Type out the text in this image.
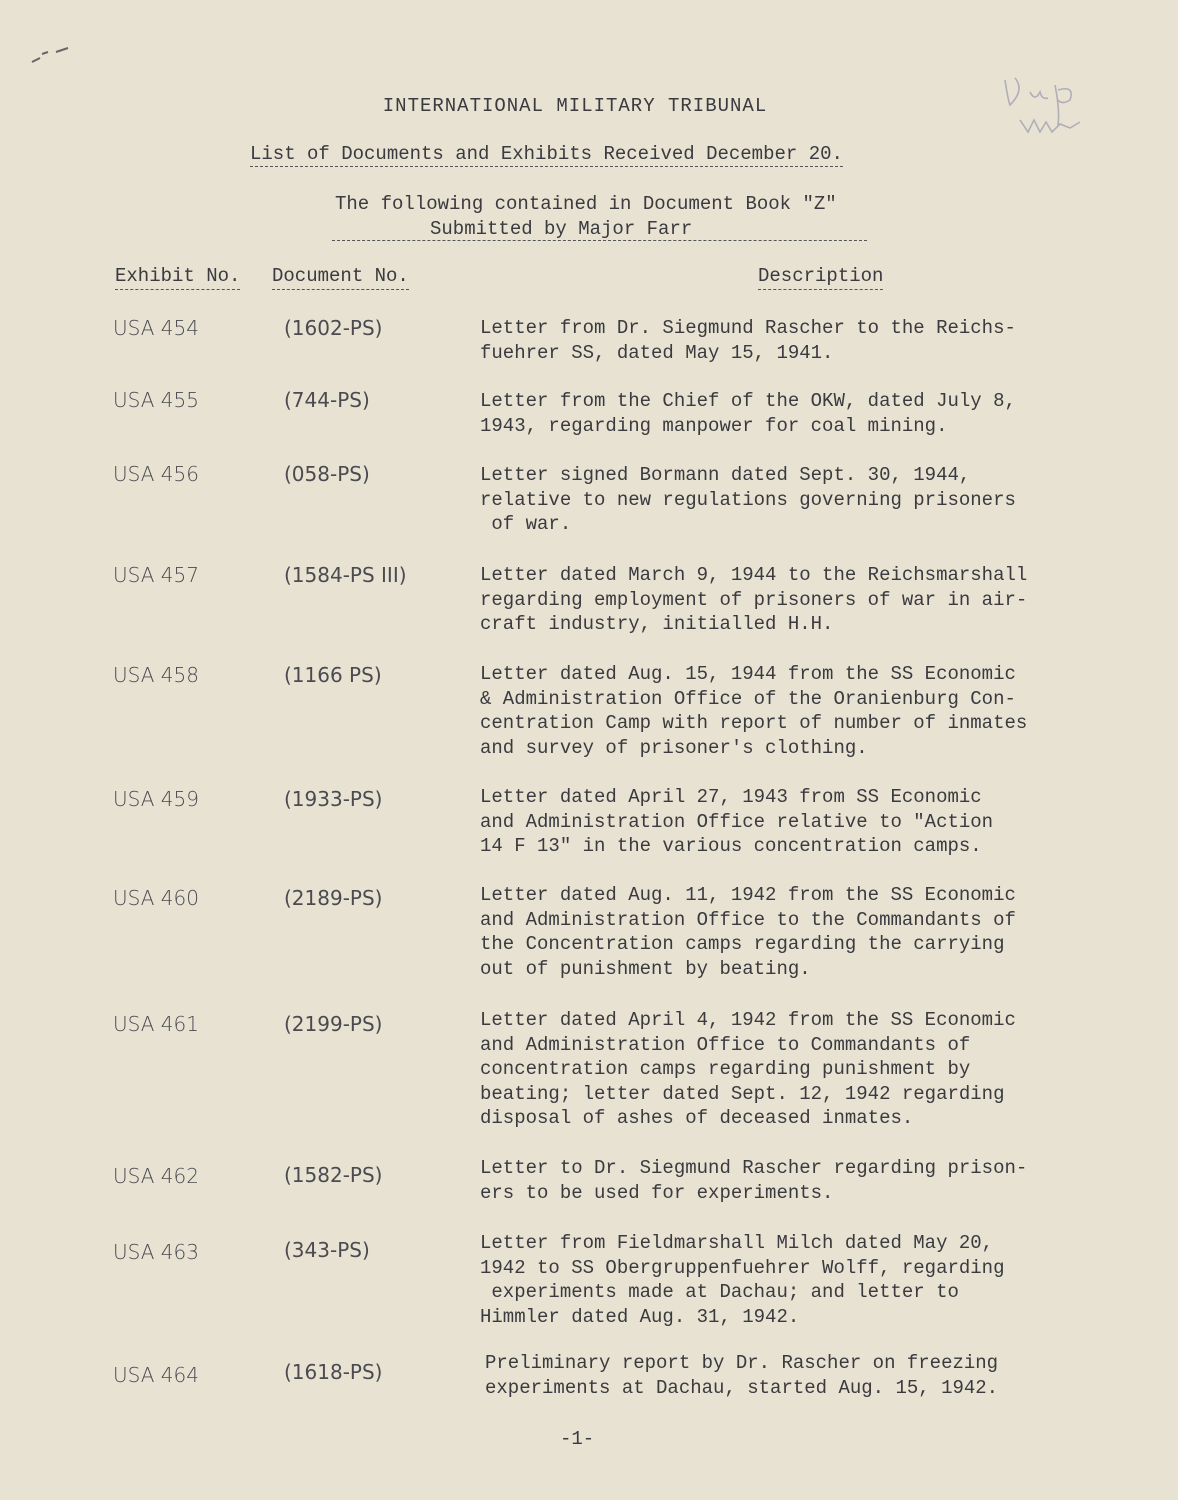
INTERNATIONAL MILITARY TRIBUNAL
List of Documents and Exhibits Received December 20.
The following contained in Document Book "Z"
Submitted by Major Farr
Exhibit No. Document No.	Description
USA 454	(1602-PS)	Letter from Dr. Siegmund Rascher to the Reichs-
fuehrer SS, dated May 15, 1941.
USA 455	(744-PS)	Letter from the Chief of the OKW, dated July 8,
1943, regarding manpower for coal mining.
USA 456	(058-PS)	Letter signed Bormann dated Sept. 30, 1944,
relative to new regulations governing prisoners
of war.
USA 457	(1584-PS III)	Letter dated March 9, 1944 to the Reichsmarshall
regarding employment of prisoners of war in air-
craft industry, initialled H.H.
USA 458	(1166 PS)	Letter dated Aug. 15, 1944 from the SS Economic
& Administration Office of the Oranienburg Con-
centration Camp with report of number of inmates
and survey of prisoner's clothing.
USA 459	(1933-PS)	Letter dated April 27, 1943 from SS Economic
and Administration Office relative to "Action
14 F 13" in the various concentration camps.
USA 460	(2189-PS)	Letter dated Aug. 11, 1942 from the SS Economic
and Administration Office to the Commandants of
the Concentration camps regarding the carrying
out of punishment by beating.
USA 461	(2199-PS)	Letter dated April 4, 1942 from the SS Economic
and Administration Office to Commandants of
concentration camps regarding punishment by
beating; letter dated Sept. 12, 1942 regarding
disposal of ashes of deceased inmates.
USA 462	(1582-PS)	Letter to Dr. Siegmund Rascher regarding prison-
ers to be used for experiments.
USA 463	(343-PS)	Letter from Fieldmarshall Milch dated May 20,
1942 to SS Obergruppenfuehrer Wolff, regarding
experiments made at Dachau; and letter to
Himmler dated Aug. 31, 1942.
USA 464	(1618-PS)	Preliminary report by Dr. Rascher on freezing
experiments at Dachau, started Aug. 15, 1942.
-1-
